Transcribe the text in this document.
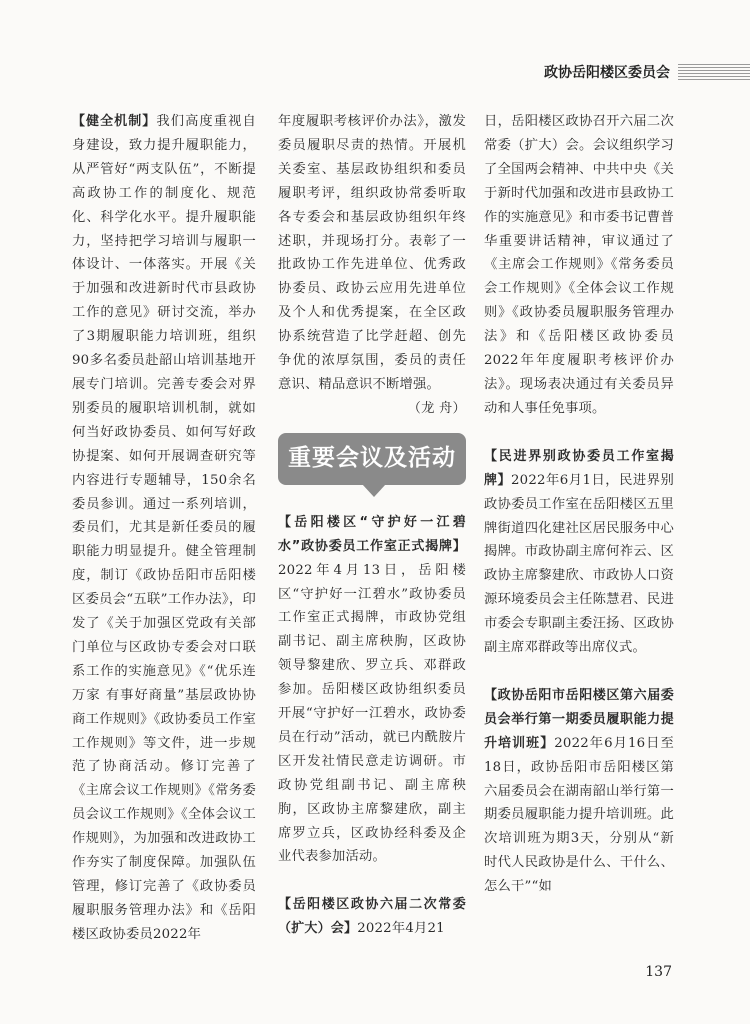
政协岳阳楼区委员会

【健全机制】我们高度重视自身建设，致力提升履职能力，从严管好“两支队伍”，不断提高政协工作的制度化、规范化、科学化水平。提升履职能力，坚持把学习培训与履职一体设计、一体落实。开展《关于加强和改进新时代市县政协工作的意见》研讨交流，举办了3期履职能力培训班，组织90多名委员赴韶山培训基地开展专门培训。完善专委会对界别委员的履职培训机制，就如何当好政协委员、如何写好政协提案、如何开展调查研究等内容进行专题辅导，150余名委员参训。通过一系列培训，委员们，尤其是新任委员的履职能力明显提升。健全管理制度，制订《政协岳阳市岳阳楼区委员会“五联”工作办法》，印发了《关于加强区党政有关部门单位与区政协专委会对口联系工作的实施意见》《“优乐连万家 有事好商量”基层政协协商工作规则》《政协委员工作室工作规则》等文件，进一步规范了协商活动。修订完善了《主席会议工作规则》《常务委员会议工作规则》《全体会议工作规则》，为加强和改进政协工作夯实了制度保障。加强队伍管理，修订完善了《政协委员履职服务管理办法》和《岳阳楼区政协委员2022年

年度履职考核评价办法》，激发委员履职尽责的热情。开展机关委室、基层政协组织和委员履职考评，组织政协常委听取各专委会和基层政协组织年终述职，并现场打分。表彰了一批政协工作先进单位、优秀政协委员、政协云应用先进单位及个人和优秀提案，在全区政协系统营造了比学赶超、创先争优的浓厚氛围，委员的责任意识、精品意识不断增强。

（龙 舟）

重要会议及活动

【岳阳楼区“守护好一江碧水”政协委员工作室正式揭牌】2022年4月13日，岳阳楼区“守护好一江碧水”政协委员工作室正式揭牌，市政协党组副书记、副主席秧朐，区政协领导黎建欣、罗立兵、邓群政参加。岳阳楼区政协组织委员开展“守护好一江碧水，政协委员在行动”活动，就已内酰胺片区开发社情民意走访调研。市政协党组副书记、副主席秧朐，区政协主席黎建欣，副主席罗立兵，区政协经科委及企业代表参加活动。

【岳阳楼区政协六届二次常委（扩大）会】2022年4月21

日，岳阳楼区政协召开六届二次常委（扩大）会。会议组织学习了全国两会精神、中共中央《关于新时代加强和改进市县政协工作的实施意见》和市委书记曹普华重要讲话精神，审议通过了《主席会工作规则》《常务委员会工作规则》《全体会议工作规则》《政协委员履职服务管理办法》和《岳阳楼区政协委员2022年年度履职考核评价办法》。现场表决通过有关委员异动和人事任免事项。

【民进界别政协委员工作室揭牌】2022年6月1日，民进界别政协委员工作室在岳阳楼区五里牌街道四化建社区居民服务中心揭牌。市政协副主席何祚云、区政协主席黎建欣、市政协人口资源环境委员会主任陈慧君、民进市委会专职副主委汪扬、区政协副主席邓群政等出席仪式。

【政协岳阳市岳阳楼区第六届委员会举行第一期委员履职能力提升培训班】2022年6月16日至18日，政协岳阳市岳阳楼区第六届委员会在湖南韶山举行第一期委员履职能力提升培训班。此次培训班为期3天，分别从“新时代人民政协是什么、干什么、怎么干”“如

137
